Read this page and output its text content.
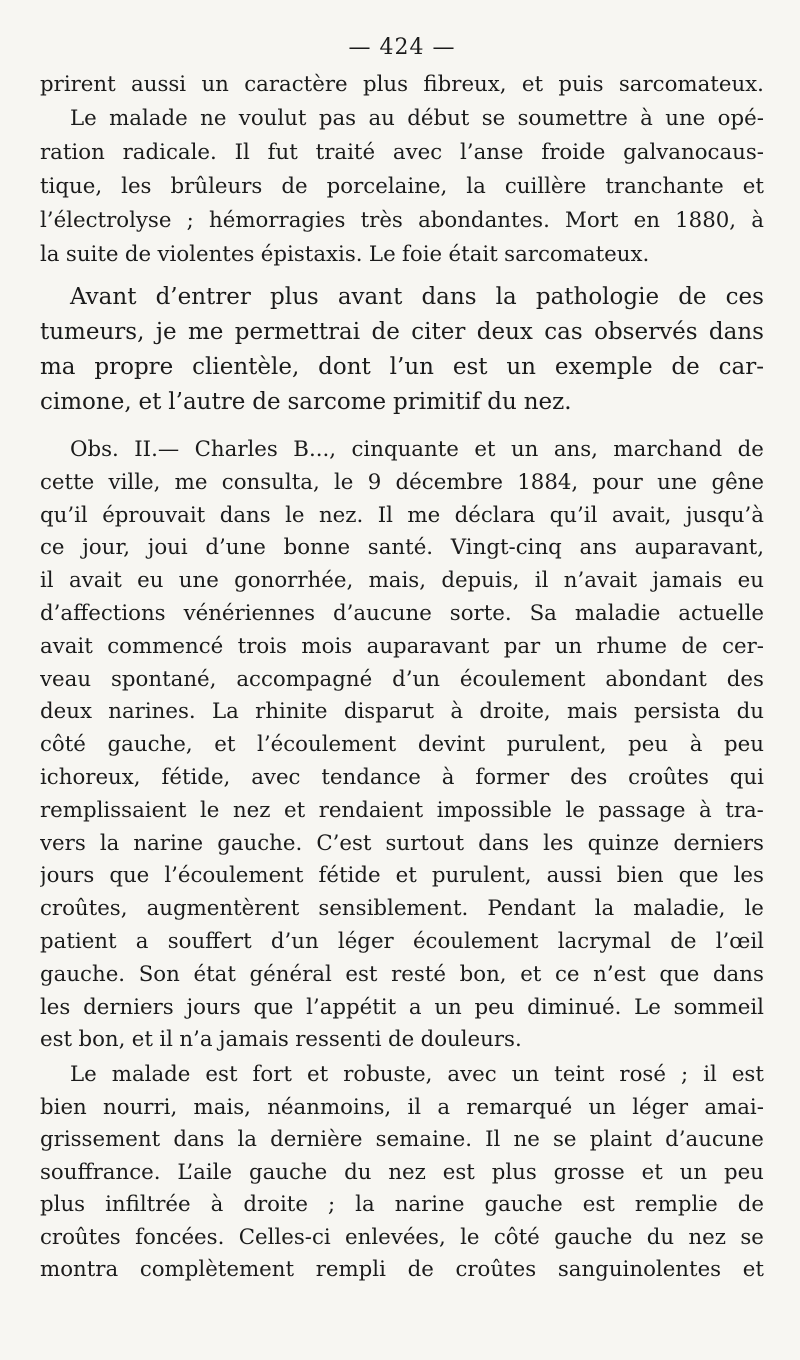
— 424 —
prirent aussi un caractère plus fibreux, et puis sarcomateux.
Le malade ne voulut pas au début se soumettre à une opé-
ration radicale. Il fut traité avec l’anse froide galvanocaus-
tique, les brûleurs de porcelaine, la cuillère tranchante et
l’électrolyse ; hémorragies très abondantes. Mort en 1880, à
la suite de violentes épistaxis. Le foie était sarcomateux.
Avant d’entrer plus avant dans la pathologie de ces
tumeurs, je me permettrai de citer deux cas observés dans
ma propre clientèle, dont l’un est un exemple de car-
cimone, et l’autre de sarcome primitif du nez.
Obs. II.— Charles B..., cinquante et un ans, marchand de
cette ville, me consulta, le 9 décembre 1884, pour une gêne
qu’il éprouvait dans le nez. Il me déclara qu’il avait, jusqu’à
ce jour, joui d’une bonne santé. Vingt-cinq ans auparavant,
il avait eu une gonorrhée, mais, depuis, il n’avait jamais eu
d’affections vénériennes d’aucune sorte. Sa maladie actuelle
avait commencé trois mois auparavant par un rhume de cer-
veau spontané, accompagné d’un écoulement abondant des
deux narines. La rhinite disparut à droite, mais persista du
côté gauche, et l’écoulement devint purulent, peu à peu
ichoreux, fétide, avec tendance à former des croûtes qui
remplissaient le nez et rendaient impossible le passage à tra-
vers la narine gauche. C’est surtout dans les quinze derniers
jours que l’écoulement fétide et purulent, aussi bien que les
croûtes, augmentèrent sensiblement. Pendant la maladie, le
patient a souffert d’un léger écoulement lacrymal de l’œil
gauche. Son état général est resté bon, et ce n’est que dans
les derniers jours que l’appétit a un peu diminué. Le sommeil
est bon, et il n’a jamais ressenti de douleurs.
Le malade est fort et robuste, avec un teint rosé ; il est
bien nourri, mais, néanmoins, il a remarqué un léger amai-
grissement dans la dernière semaine. Il ne se plaint d’aucune
souffrance. L’aile gauche du nez est plus grosse et un peu
plus infiltrée à droite ; la narine gauche est remplie de
croûtes foncées. Celles-ci enlevées, le côté gauche du nez se
montra complètement rempli de croûtes sanguinolentes et
